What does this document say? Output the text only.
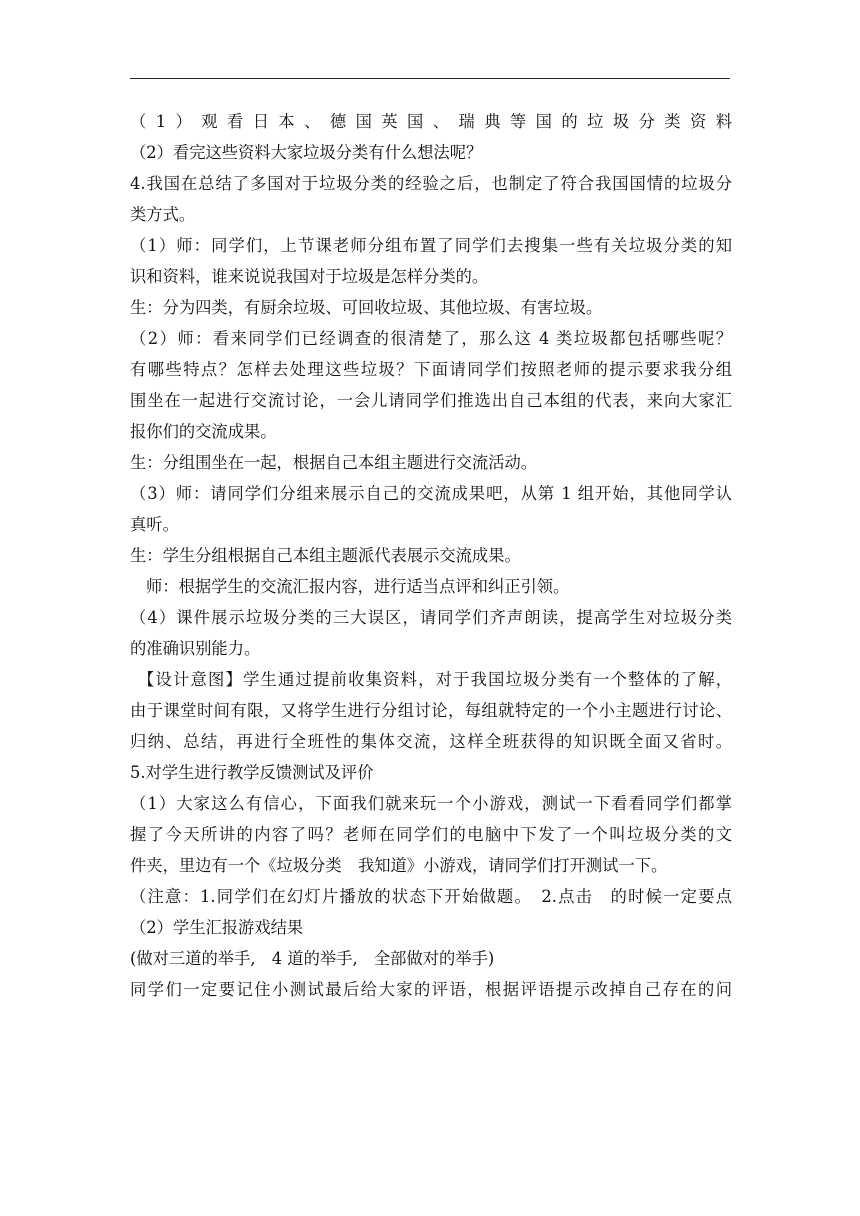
（1）观看日本、德国英国、瑞典等国的垃圾分类资料
（2）看完这些资料大家垃圾分类有什么想法呢？
4.我国在总结了多国对于垃圾分类的经验之后，也制定了符合我国国情的垃圾分
类方式。
（1）师：同学们，上节课老师分组布置了同学们去搜集一些有关垃圾分类的知
识和资料，谁来说说我国对于垃圾是怎样分类的。
生：分为四类，有厨余垃圾、可回收垃圾、其他垃圾、有害垃圾。
（2）师：看来同学们已经调查的很清楚了，那么这 4 类垃圾都包括哪些呢？
有哪些特点？怎样去处理这些垃圾？下面请同学们按照老师的提示要求我分组
围坐在一起进行交流讨论，一会儿请同学们推选出自己本组的代表，来向大家汇
报你们的交流成果。
生：分组围坐在一起，根据自己本组主题进行交流活动。
（3）师：请同学们分组来展示自己的交流成果吧，从第 1 组开始，其他同学认
真听。
生：学生分组根据自己本组主题派代表展示交流成果。
师：根据学生的交流汇报内容，进行适当点评和纠正引领。
（4）课件展示垃圾分类的三大误区，请同学们齐声朗读，提高学生对垃圾分类
的准确识别能力。
【设计意图】学生通过提前收集资料，对于我国垃圾分类有一个整体的了解，
由于课堂时间有限，又将学生进行分组讨论，每组就特定的一个小主题进行讨论、
归纳、总结，再进行全班性的集体交流，这样全班获得的知识既全面又省时。
5.对学生进行教学反馈测试及评价
（1）大家这么有信心，下面我们就来玩一个小游戏，测试一下看看同学们都掌
握了今天所讲的内容了吗？老师在同学们的电脑中下发了一个叫垃圾分类的文
件夹，里边有一个《垃圾分类　我知道》小游戏，请同学们打开测试一下。
（注意：1.同学们在幻灯片播放的状态下开始做题。　2.点击　的时候一定要点
（2）学生汇报游戏结果
(做对三道的举手,　4 道的举手,　全部做对的举手)
同学们一定要记住小测试最后给大家的评语，根据评语提示改掉自己存在的问
